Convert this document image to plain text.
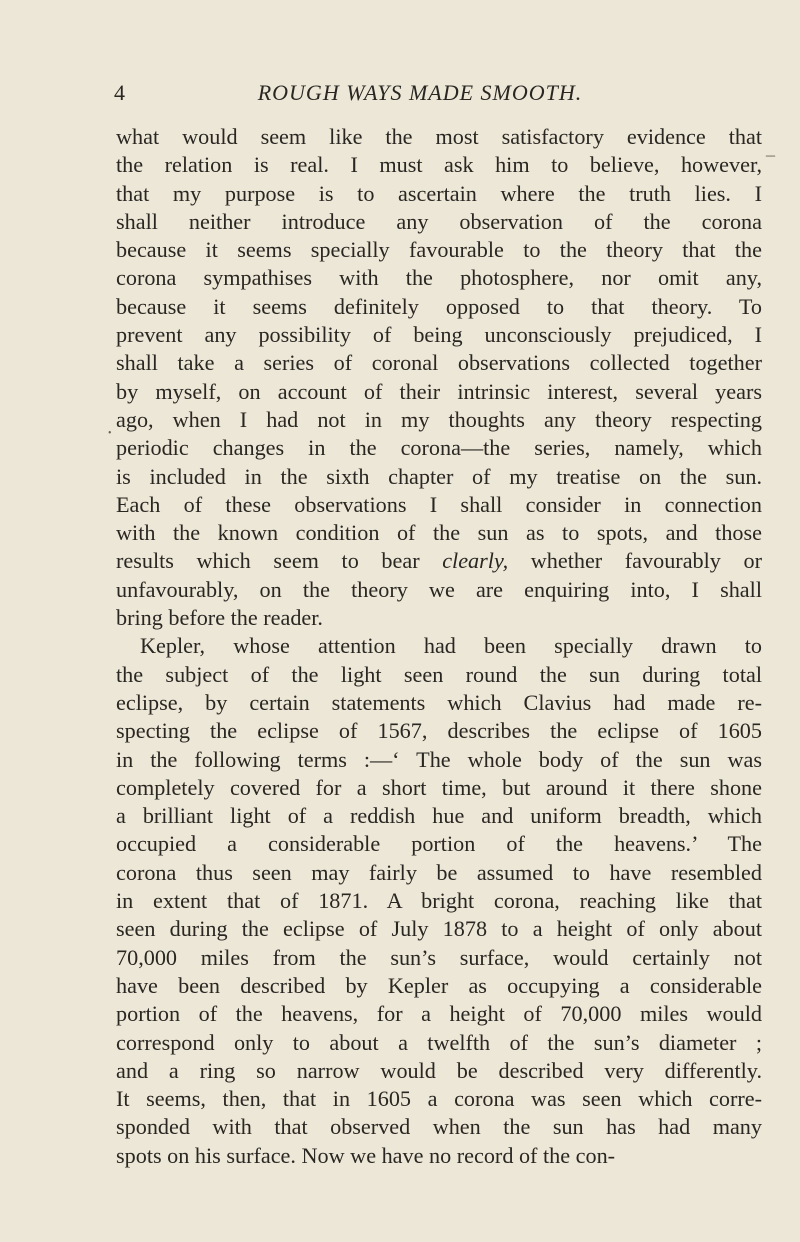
4	ROUGH WAYS MADE SMOOTH.
_
•
what would seem like the most satisfactory evidence that
the relation is real. I must ask him to believe, however,
that my purpose is to ascertain where the truth lies. I
shall neither introduce any observation of the corona
because it seems specially favourable to the theory that the
corona sympathises with the photosphere, nor omit any,
because it seems definitely opposed to that theory. To
prevent any possibility of being unconsciously prejudiced, I
shall take a series of coronal observations collected together
by myself, on account of their intrinsic interest, several years
ago, when I had not in my thoughts any theory respecting
periodic changes in the corona—the series, namely, which
is included in the sixth chapter of my treatise on the sun.
Each of these observations I shall consider in connection
with the known condition of the sun as to spots, and those
results which seem to bear clearly, whether favourably or
unfavourably, on the theory we are enquiring into, I shall
bring before the reader.
Kepler, whose attention had been specially drawn to
the subject of the light seen round the sun during total
eclipse, by certain statements which Clavius had made re-
specting the eclipse of 1567, describes the eclipse of 1605
in the following terms :—‘ The whole body of the sun was
completely covered for a short time, but around it there shone
a brilliant light of a reddish hue and uniform breadth, which
occupied a considerable portion of the heavens.’ The
corona thus seen may fairly be assumed to have resembled
in extent that of 1871. A bright corona, reaching like that
seen during the eclipse of July 1878 to a height of only about
70,000 miles from the sun’s surface, would certainly not
have been described by Kepler as occupying a considerable
portion of the heavens, for a height of 70,000 miles would
correspond only to about a twelfth of the sun’s diameter ;
and a ring so narrow would be described very differently.
It seems, then, that in 1605 a corona was seen which corre-
sponded with that observed when the sun has had many
spots on his surface. Now we have no record of the con-
